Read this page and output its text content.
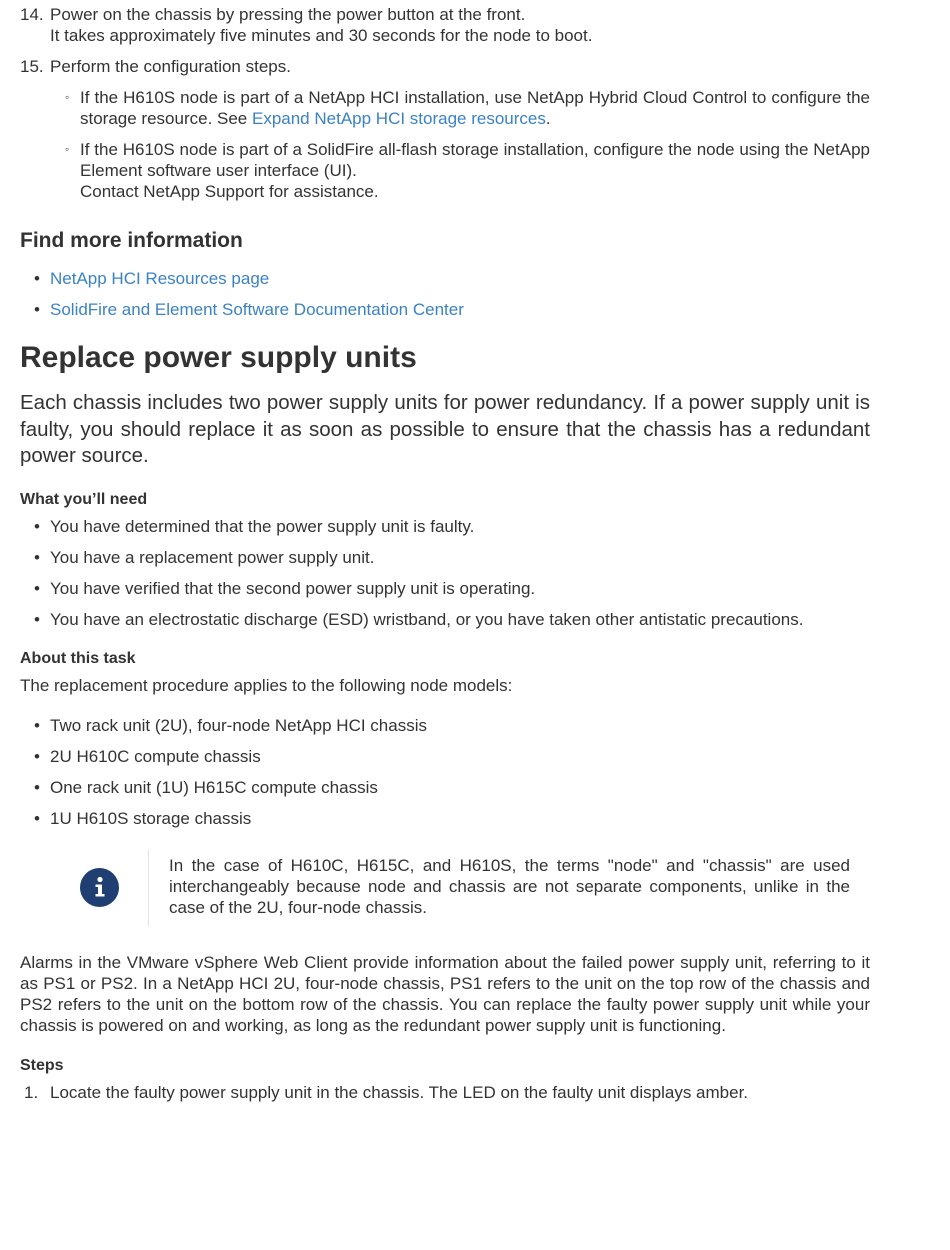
14. Power on the chassis by pressing the power button at the front.
It takes approximately five minutes and 30 seconds for the node to boot.
15. Perform the configuration steps.
◦ If the H610S node is part of a NetApp HCI installation, use NetApp Hybrid Cloud Control to configure the storage resource. See Expand NetApp HCI storage resources.
◦ If the H610S node is part of a SolidFire all-flash storage installation, configure the node using the NetApp Element software user interface (UI).
Contact NetApp Support for assistance.
Find more information
• NetApp HCI Resources page
• SolidFire and Element Software Documentation Center
Replace power supply units
Each chassis includes two power supply units for power redundancy. If a power supply unit is faulty, you should replace it as soon as possible to ensure that the chassis has a redundant power source.
What you’ll need
• You have determined that the power supply unit is faulty.
• You have a replacement power supply unit.
• You have verified that the second power supply unit is operating.
• You have an electrostatic discharge (ESD) wristband, or you have taken other antistatic precautions.
About this task
The replacement procedure applies to the following node models:
• Two rack unit (2U), four-node NetApp HCI chassis
• 2U H610C compute chassis
• One rack unit (1U) H615C compute chassis
• 1U H610S storage chassis
In the case of H610C, H615C, and H610S, the terms "node" and "chassis" are used interchangeably because node and chassis are not separate components, unlike in the case of the 2U, four-node chassis.
Alarms in the VMware vSphere Web Client provide information about the failed power supply unit, referring to it as PS1 or PS2. In a NetApp HCI 2U, four-node chassis, PS1 refers to the unit on the top row of the chassis and PS2 refers to the unit on the bottom row of the chassis. You can replace the faulty power supply unit while your chassis is powered on and working, as long as the redundant power supply unit is functioning.
Steps
1. Locate the faulty power supply unit in the chassis. The LED on the faulty unit displays amber.
